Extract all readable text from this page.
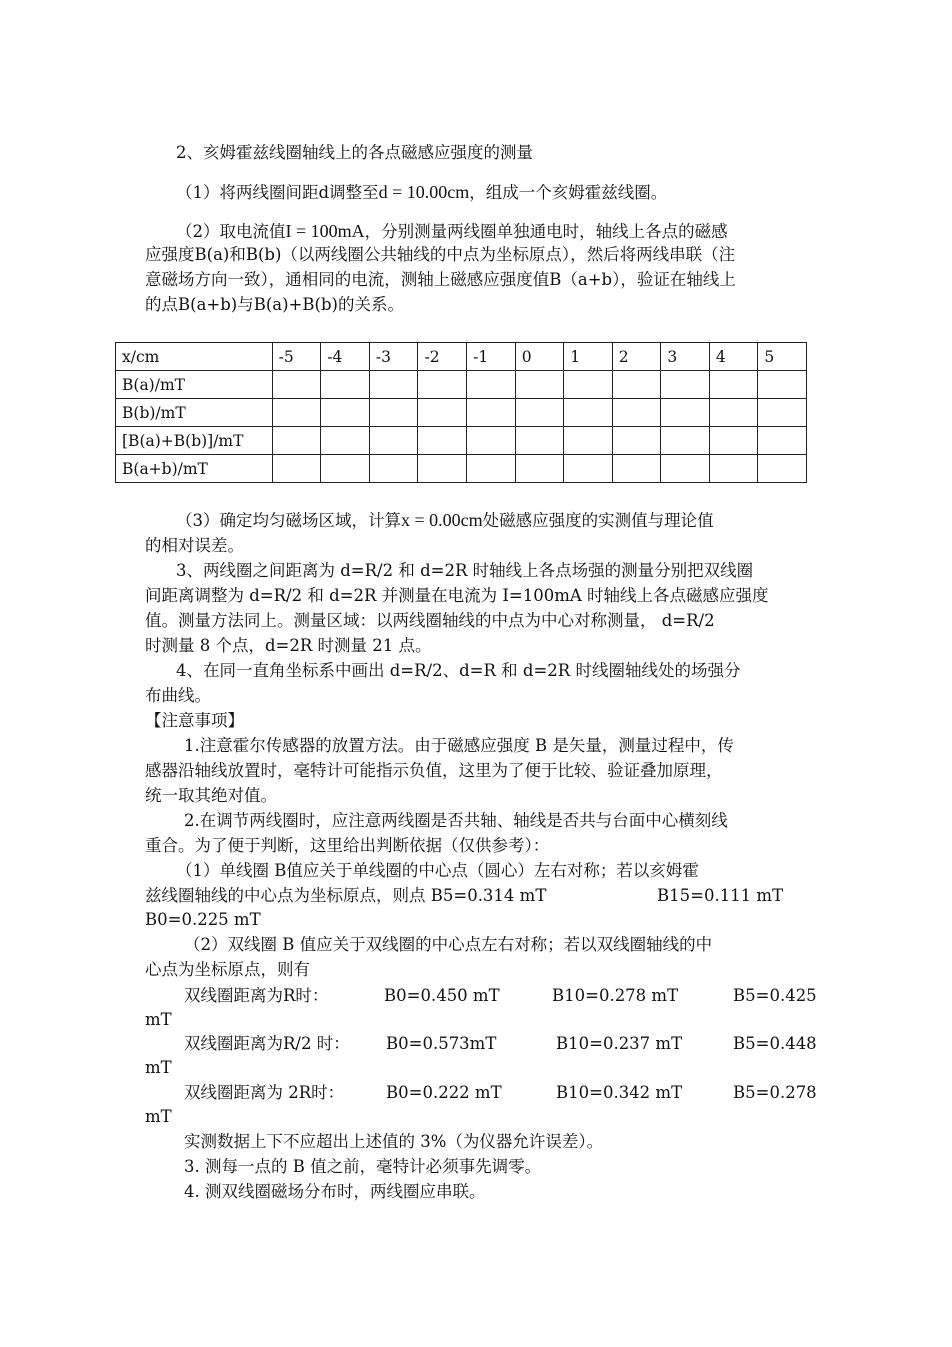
2、亥姆霍兹线圈轴线上的各点磁感应强度的测量
（1）将两线圈间距d调整至d = 10.00cm，组成一个亥姆霍兹线圈。
（2）取电流值I = 100mA，分别测量两线圈单独通电时，轴线上各点的磁感
应强度B(a)和B(b)（以两线圈公共轴线的中点为坐标原点），然后将两线串联（注
意磁场方向一致），通相同的电流，测轴上磁感应强度值B（a+b），验证在轴线上
的点B(a+b)与B(a)+B(b)的关系。
x/cm	-5	-4	-3	-2	-1	0	1	2	3	4	5
B(a)/mT											
B(b)/mT											
[B(a)+B(b)]/mT											
B(a+b)/mT											
（3）确定均匀磁场区域，计算x = 0.00cm处磁感应强度的实测值与理论值
的相对误差。
3、两线圈之间距离为 d=R/2 和 d=2R 时轴线上各点场强的测量分别把双线圈
间距离调整为 d=R/2 和 d=2R 并测量在电流为 I=100mA 时轴线上各点磁感应强度
值。测量方法同上。测量区域：以两线圈轴线的中点为中心对称测量， d=R/2
时测量 8 个点，d=2R 时测量 21 点。
4、在同一直角坐标系中画出 d=R/2、d=R 和 d=2R 时线圈轴线处的场强分
布曲线。
【注意事项】
1.注意霍尔传感器的放置方法。由于磁感应强度 B 是矢量，测量过程中，传
感器沿轴线放置时，毫特计可能指示负值，这里为了便于比较、验证叠加原理，
统一取其绝对值。
2.在调节两线圈时，应注意两线圈是否共轴、轴线是否共与台面中心横刻线
重合。为了便于判断，这里给出判断依据（仅供参考）：
（1）单线圈 B值应关于单线圈的中心点（圆心）左右对称；若以亥姆霍
兹线圈轴线的中心点为坐标原点，则点 B5=0.314 mT	B15=0.111 mT
B0=0.225 mT
（2）双线圈 B 值应关于双线圈的中心点左右对称；若以双线圈轴线的中
心点为坐标原点，则有
双线圈距离为R时：	B0=0.450 mT	B10=0.278 mT	B5=0.425
mT
双线圈距离为R/2 时： B0=0.573mT	B10=0.237 mT	B5=0.448
mT
双线圈距离为 2R时：	B0=0.222 mT	B10=0.342 mT	B5=0.278
mT
实测数据上下不应超出上述值的 3%（为仪器允许误差）。
3. 测每一点的 B 值之前，毫特计必须事先调零。
4. 测双线圈磁场分布时，两线圈应串联。
